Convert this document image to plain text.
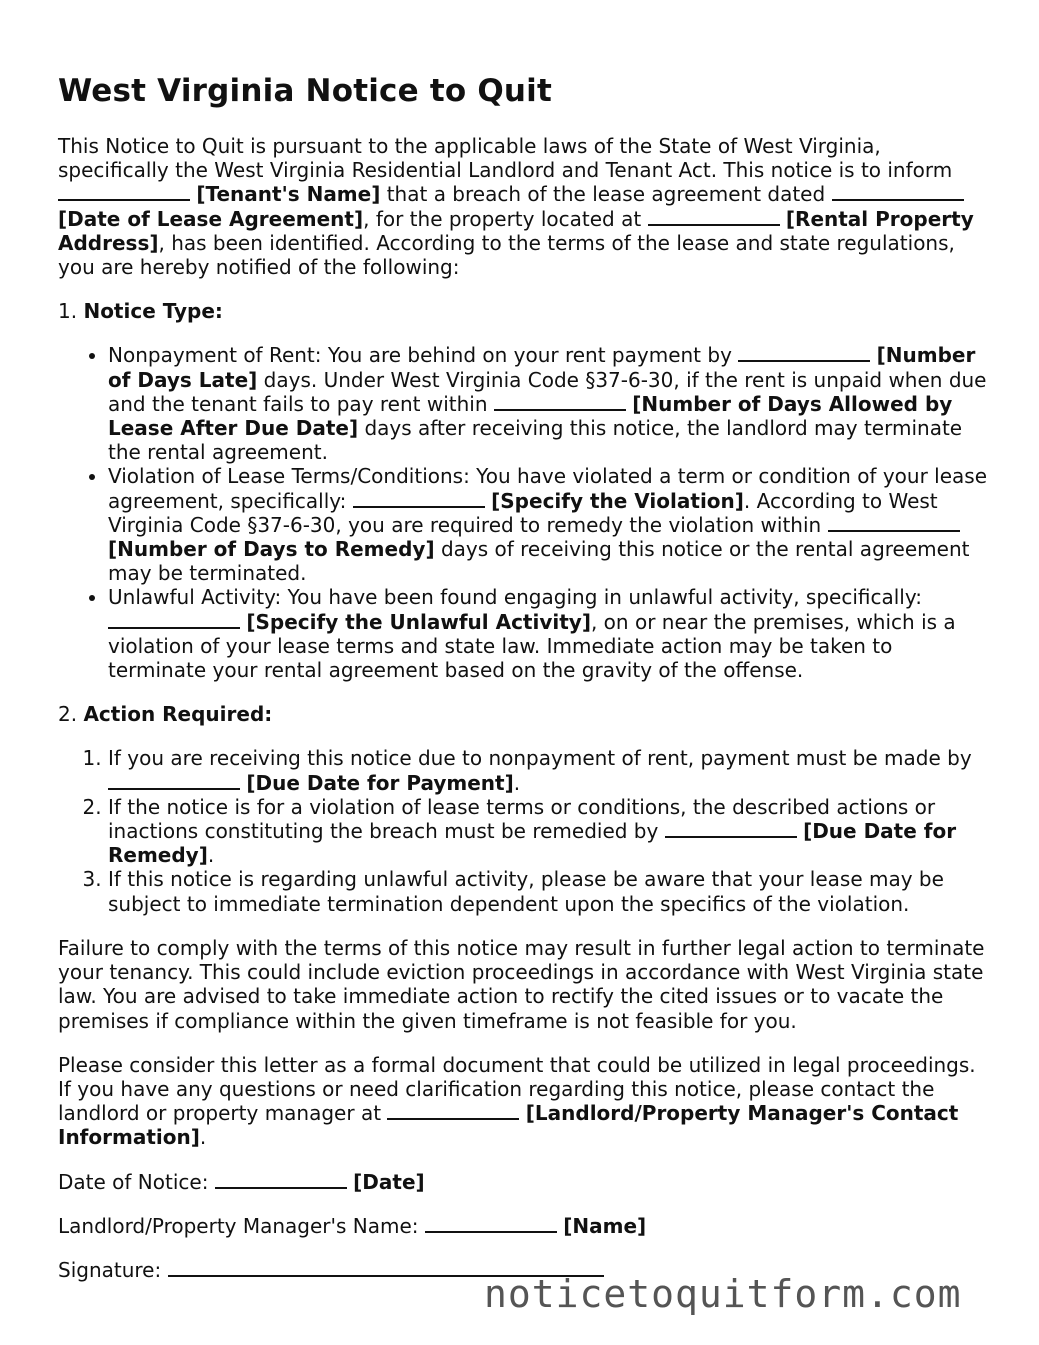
West Virginia Notice to Quit

This Notice to Quit is pursuant to the applicable laws of the State of West Virginia, specifically the West Virginia Residential Landlord and Tenant Act. This notice is to inform  [Tenant's Name] that a breach of the lease agreement dated  [Date of Lease Agreement], for the property located at	[Rental Property Address], has been identified. According to the terms of the lease and state regulations, you are hereby notified of the following:

1. Notice Type:
• Nonpayment of Rent: You are behind on your rent payment by	[Number of Days Late] days. Under West Virginia Code §37-6-30, if the rent is unpaid when due and the tenant fails to pay rent within	[Number of Days Allowed by Lease After Due Date] days after receiving this notice, the landlord may terminate the rental agreement.
• Violation of Lease Terms/Conditions: You have violated a term or condition of your lease agreement, specifically:	[Specify the Violation]. According to West Virginia Code §37-6-30, you are required to remedy the violation within  [Number of Days to Remedy] days of receiving this notice or the rental agreement may be terminated.
• Unlawful Activity: You have been found engaging in unlawful activity, specifically:  [Specify the Unlawful Activity], on or near the premises, which is a violation of your lease terms and state law. Immediate action may be taken to terminate your rental agreement based on the gravity of the offense.
2. Action Required:
1. If you are receiving this notice due to nonpayment of rent, payment must be made by  [Due Date for Payment].
2. If the notice is for a violation of lease terms or conditions, the described actions or inactions constituting the breach must be remedied by	[Due Date for Remedy].
3. If this notice is regarding unlawful activity, please be aware that your lease may be subject to immediate termination dependent upon the specifics of the violation.

Failure to comply with the terms of this notice may result in further legal action to terminate your tenancy. This could include eviction proceedings in accordance with West Virginia state law. You are advised to take immediate action to rectify the cited issues or to vacate the premises if compliance within the given timeframe is not feasible for you.

Please consider this letter as a formal document that could be utilized in legal proceedings. If you have any questions or need clarification regarding this notice, please contact the landlord or property manager at	[Landlord/Property Manager's Contact Information].

Date of Notice:	[Date]

Landlord/Property Manager's Name:	[Name]

Signature:

noticetoquitform.com
